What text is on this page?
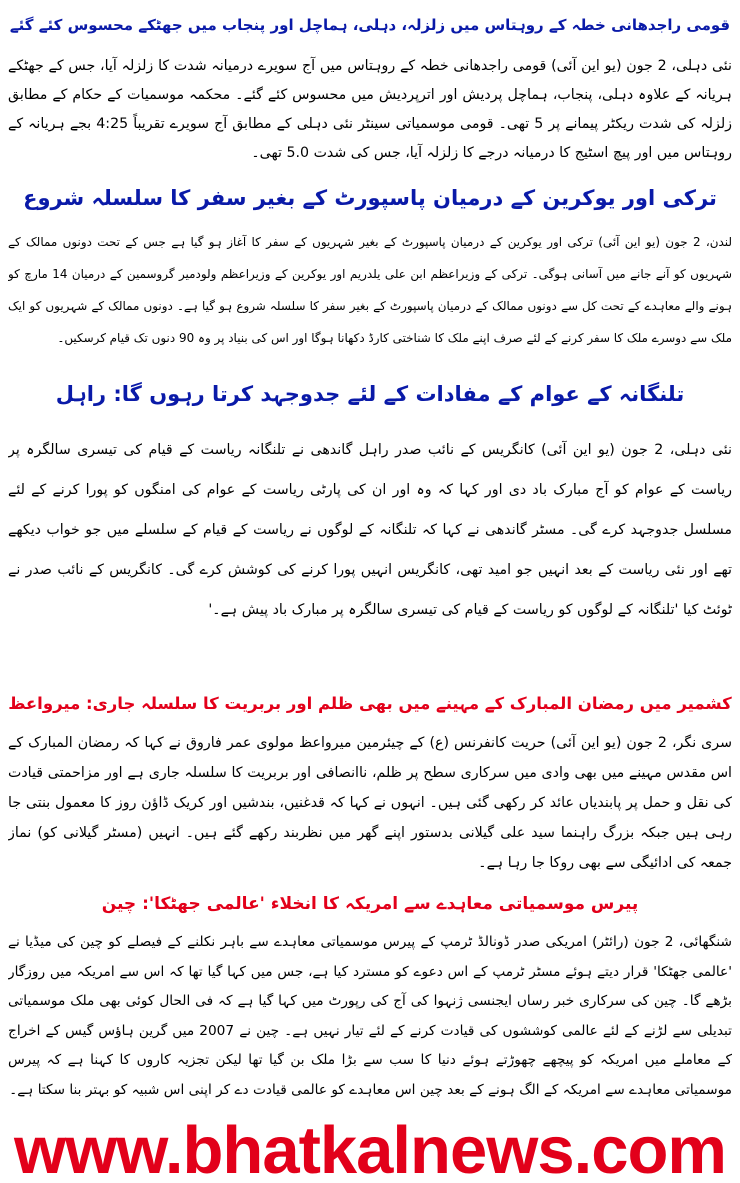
قومی راجدھانی خطہ کے روہتاس میں زلزلہ، دہلی، ہماچل اور پنجاب میں جھٹکے محسوس کئے گئے
نئی دہلی، 2 جون (یو این آئی) قومی راجدھانی خطہ کے روہتاس میں آج سویرے درمیانہ شدت کا زلزلہ آیا، جس کے جھٹکے ہریانہ کے علاوہ دہلی، پنجاب، ہماچل پردیش اور اترپردیش میں محسوس کئے گئے۔ محکمہ موسمیات کے حکام کے مطابق زلزلہ کی شدت ریکٹر پیمانے پر 5 تھی۔ قومی موسمیاتی سینٹر نئی دہلی کے مطابق آج سویرے تقریباً 4:25 بجے ہریانہ کے روہتاس میں اور پیچ اسٹیج کا درمیانہ درجے کا زلزلہ آیا، جس کی شدت 5.0 تھی۔
ترکی اور یوکرین کے درمیان پاسپورٹ کے بغیر سفر کا سلسلہ شروع
لندن، 2 جون (یو این آئی) ترکی اور یوکرین کے درمیان پاسپورٹ کے بغیر شہریوں کے سفر کا آغاز ہو گیا ہے جس کے تحت دونوں ممالک کے شہریوں کو آنے جانے میں آسانی ہوگی۔ ترکی کے وزیراعظم ابن علی یلدریم اور یوکرین کے وزیراعظم ولودمیر گروسمین کے درمیان 14 مارچ کو ہونے والے معاہدے کے تحت کل سے دونوں ممالک کے درمیان پاسپورٹ کے بغیر سفر کا سلسلہ شروع ہو گیا ہے۔ دونوں ممالک کے شہریوں کو ایک ملک سے دوسرے ملک کا سفر کرنے کے لئے صرف اپنے ملک کا شناختی کارڈ دکھانا ہوگا اور اس کی بنیاد پر وہ 90 دنوں تک قیام کرسکیں۔
تلنگانہ کے عوام کے مفادات کے لئے جدوجہد کرتا رہوں گا: راہل
نئی دہلی، 2 جون (یو این آئی) کانگریس کے نائب صدر راہل گاندھی نے تلنگانہ ریاست کے قیام کی تیسری سالگرہ پر ریاست کے عوام کو آج مبارک باد دی اور کہا کہ وہ اور ان کی پارٹی ریاست کے عوام کی امنگوں کو پورا کرنے کے لئے مسلسل جدوجہد کرے گی۔ مسٹر گاندھی نے کہا کہ تلنگانہ کے لوگوں نے ریاست کے قیام کے سلسلے میں جو خواب دیکھے تھے اور نئی ریاست کے بعد انہیں جو امید تھی، کانگریس انہیں پورا کرنے کی کوشش کرے گی۔ کانگریس کے نائب صدر نے ٹوئٹ کیا 'تلنگانہ کے لوگوں کو ریاست کے قیام کی تیسری سالگرہ پر مبارک باد پیش ہے۔'
کشمیر میں رمضان المبارک کے مہینے میں بھی ظلم اور بربریت کا سلسلہ جاری: میرواعظ
سری نگر، 2 جون (یو این آئی) حریت کانفرنس (ع) کے چیئرمین میرواعظ مولوی عمر فاروق نے کہا کہ رمضان المبارک کے اس مقدس مہینے میں بھی وادی میں سرکاری سطح پر ظلم، ناانصافی اور بربریت کا سلسلہ جاری ہے اور مزاحمتی قیادت کی نقل و حمل پر پابندیاں عائد کر رکھی گئی ہیں۔ انہوں نے کہا کہ قدغنیں، بندشیں اور کریک ڈاؤن روز کا معمول بنتی جا رہی ہیں جبکہ بزرگ راہنما سید علی گیلانی بدستور اپنے گھر میں نظربند رکھے گئے ہیں۔ انہیں (مسٹر گیلانی کو) نماز جمعہ کی ادائیگی سے بھی روکا جا رہا ہے۔
پیرس موسمیاتی معاہدے سے امریکہ کا انخلاء 'عالمی جھٹکا': چین
شنگھائی، 2 جون (رائٹر) امریکی صدر ڈونالڈ ٹرمپ کے پیرس موسمیاتی معاہدے سے باہر نکلنے کے فیصلے کو چین کی میڈیا نے 'عالمی جھٹکا' قرار دیتے ہوئے مسٹر ٹرمپ کے اس دعوے کو مسترد کیا ہے، جس میں کہا گیا تھا کہ اس سے امریکہ میں روزگار بڑھے گا۔ چین کی سرکاری خبر رساں ایجنسی ژنہوا کی آج کی رپورٹ میں کہا گیا ہے کہ فی الحال کوئی بھی ملک موسمیاتی تبدیلی سے لڑنے کے لئے عالمی کوششوں کی قیادت کرنے کے لئے تیار نہیں ہے۔ چین نے 2007 میں گرین ہاؤس گیس کے اخراج کے معاملے میں امریکہ کو پیچھے چھوڑتے ہوئے دنیا کا سب سے بڑا ملک بن گیا تھا لیکن تجزیہ کاروں کا کہنا ہے کہ پیرس موسمیاتی معاہدے سے امریکہ کے الگ ہونے کے بعد چین اس معاہدے کو عالمی قیادت دے کر اپنی اس شبیہ کو بہتر بنا سکتا ہے۔
www.bhatkalnews.com
